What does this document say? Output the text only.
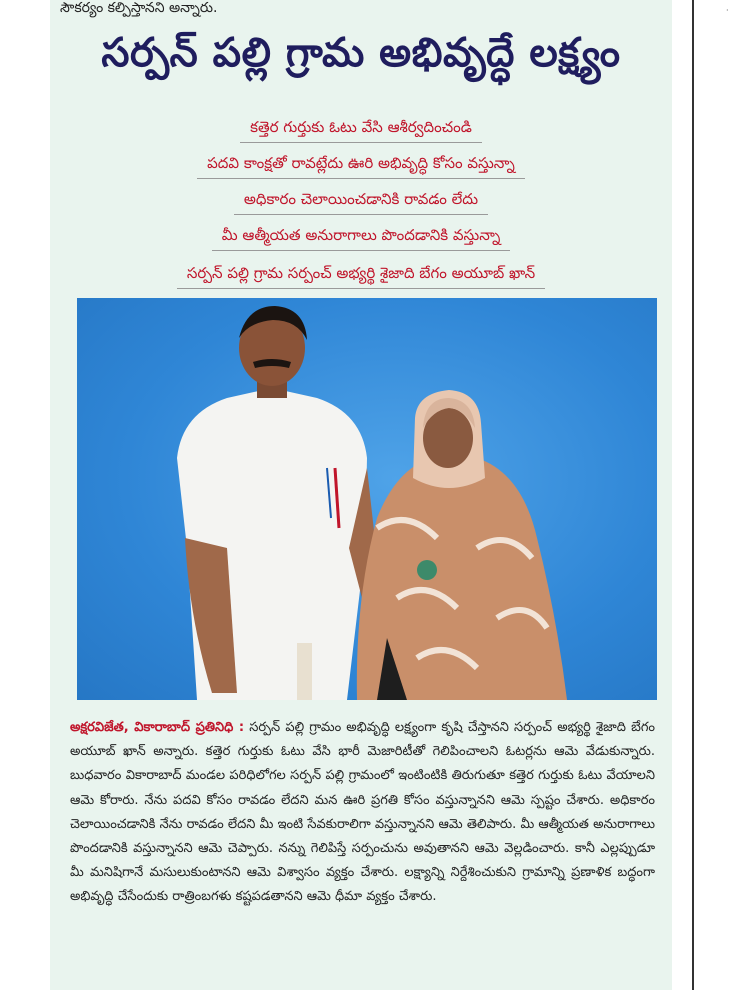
సౌకర్యం కల్పిస్తానని అన్నారు.
సర్పన్ పల్లి గ్రామ అభివృద్ధే లక్ష్యం
కత్తెర గుర్తుకు ఓటు వేసి ఆశీర్వదించండి
పదవి కాంక్షతో రావట్లేదు ఊరి అభివృద్ధి కోసం వస్తున్నా
అధికారం చెలాయించడానికి రావడం లేదు
మీ ఆత్మీయత అనురాగాలు పొందడానికి వస్తున్నా
సర్పన్ పల్లి గ్రామ సర్పంచ్ అభ్యర్థి శైజాది బేగం అయూబ్ ఖాన్
అక్షరవిజేత, వికారాబాద్ ప్రతినిధి : సర్పన్ పల్లి గ్రామం అభివృద్ధి లక్ష్యంగా కృషి చేస్తానని సర్పంచ్ అభ్యర్థి శైజాది బేగం అయూబ్ ఖాన్ అన్నారు. కత్తెర గుర్తుకు ఓటు వేసి భారీ మెజారిటీతో గెలిపించాలని ఓటర్లను ఆమె వేడుకున్నారు. బుధవారం వికారాబాద్ మండల పరిధిలోగల సర్పన్ పల్లి గ్రామంలో ఇంటింటికి తిరుగుతూ కత్తెర గుర్తుకు ఓటు వేయాలని ఆమె కోరారు. నేను పదవి కోసం రావడం లేదని మన ఊరి ప్రగతి కోసం వస్తున్నానని ఆమె స్పష్టం చేశారు. అధికారం చెలాయించడానికి నేను రావడం లేదని మీ ఇంటి సేవకురాలిగా వస్తున్నానని ఆమె తెలిపారు. మీ ఆత్మీయత అనురాగాలు పొందడానికి వస్తున్నానని ఆమె చెప్పారు. నన్ను గెలిపిస్తే సర్పంచును అవుతానని ఆమె వెల్లడించారు. కానీ ఎల్లప్పుడూ మీ మనిషిగానే మసులుకుంటానని ఆమె విశ్వాసం వ్యక్తం చేశారు. లక్ష్యాన్ని నిర్దేశించుకుని గ్రామాన్ని ప్రణాళిక బద్ధంగా అభివృద్ధి చేసేందుకు రాత్రింబగళు కష్టపడతానని ఆమె ధీమా వ్యక్తం చేశారు.
·
